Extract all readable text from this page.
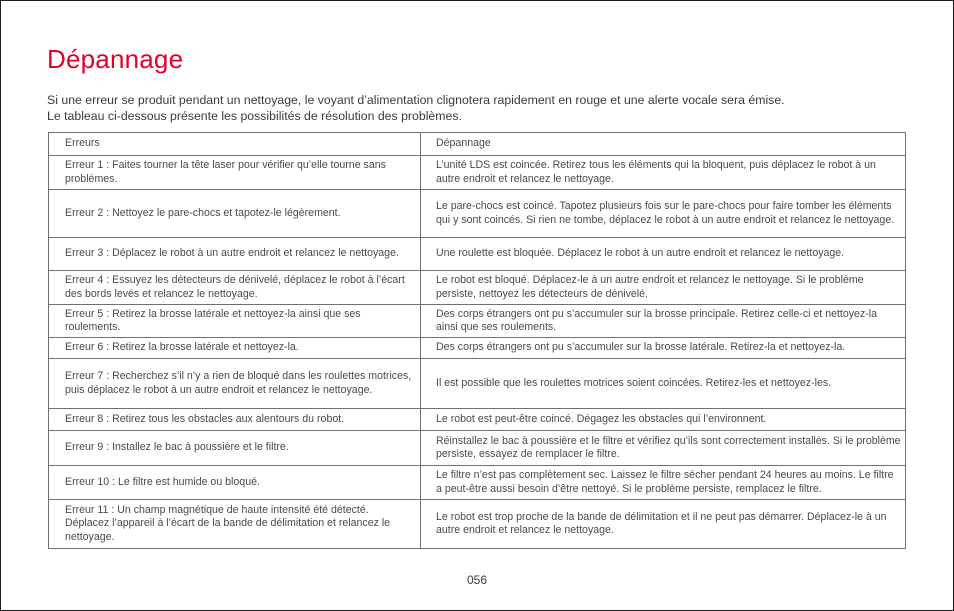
Dépannage
Si une erreur se produit pendant un nettoyage, le voyant d’alimentation clignotera rapidement en rouge et une alerte vocale sera émise.
Le tableau ci-dessous présente les possibilités de résolution des problèmes.
Erreurs	Dépannage
Erreur 1 : Faites tourner la tête laser pour vérifier qu’elle tourne sans problèmes.	L’unité LDS est coincée. Retirez tous les éléments qui la bloquent, puis déplacez le robot à un autre endroit et relancez le nettoyage.
Erreur 2 : Nettoyez le pare-chocs et tapotez-le légèrement.	Le pare-chocs est coincé. Tapotez plusieurs fois sur le pare-chocs pour faire tomber les éléments qui y sont coincés. Si rien ne tombe, déplacez le robot à un autre endroit et relancez le nettoyage.
Erreur 3 : Déplacez le robot à un autre endroit et relancez le nettoyage.	Une roulette est bloquée. Déplacez le robot à un autre endroit et relancez le nettoyage.
Erreur 4 : Essuyez les détecteurs de dénivelé, déplacez le robot à l’écart des bords levés et relancez le nettoyage.	Le robot est bloqué. Déplacez-le à un autre endroit et relancez le nettoyage. Si le problème persiste, nettoyez les détecteurs de dénivelé.
Erreur 5 : Retirez la brosse latérale et nettoyez-la ainsi que ses roulements.	Des corps étrangers ont pu s’accumuler sur la brosse principale. Retirez celle-ci et nettoyez-la ainsi que ses roulements.
Erreur 6 : Retirez la brosse latérale et nettoyez-la.	Des corps étrangers ont pu s’accumuler sur la brosse latérale. Retirez-la et nettoyez-la.
Erreur 7 : Recherchez s’il n’y a rien de bloqué dans les roulettes motrices, puis déplacez le robot à un autre endroit et relancez le nettoyage.	Il est possible que les roulettes motrices soient coincées. Retirez-les et nettoyez-les.
Erreur 8 : Retirez tous les obstacles aux alentours du robot.	Le robot est peut-être coincé. Dégagez les obstacles qui l’environnent.
Erreur 9 : Installez le bac à poussière et le filtre.	Réinstallez le bac à poussière et le filtre et vérifiez qu’ils sont correctement installés. Si le problème persiste, essayez de remplacer le filtre.
Erreur 10 : Le filtre est humide ou bloqué.	Le filtre n’est pas complètement sec. Laissez le filtre sécher pendant 24 heures au moins. Le filtre a peut-être aussi besoin d’être nettoyé. Si le problème persiste, remplacez le filtre.
Erreur 11 : Un champ magnétique de haute intensité été détecté. Déplacez l’appareil à l’écart de la bande de délimitation et relancez le nettoyage.	Le robot est trop proche de la bande de délimitation et il ne peut pas démarrer. Déplacez-le à un autre endroit et relancez le nettoyage.
056
